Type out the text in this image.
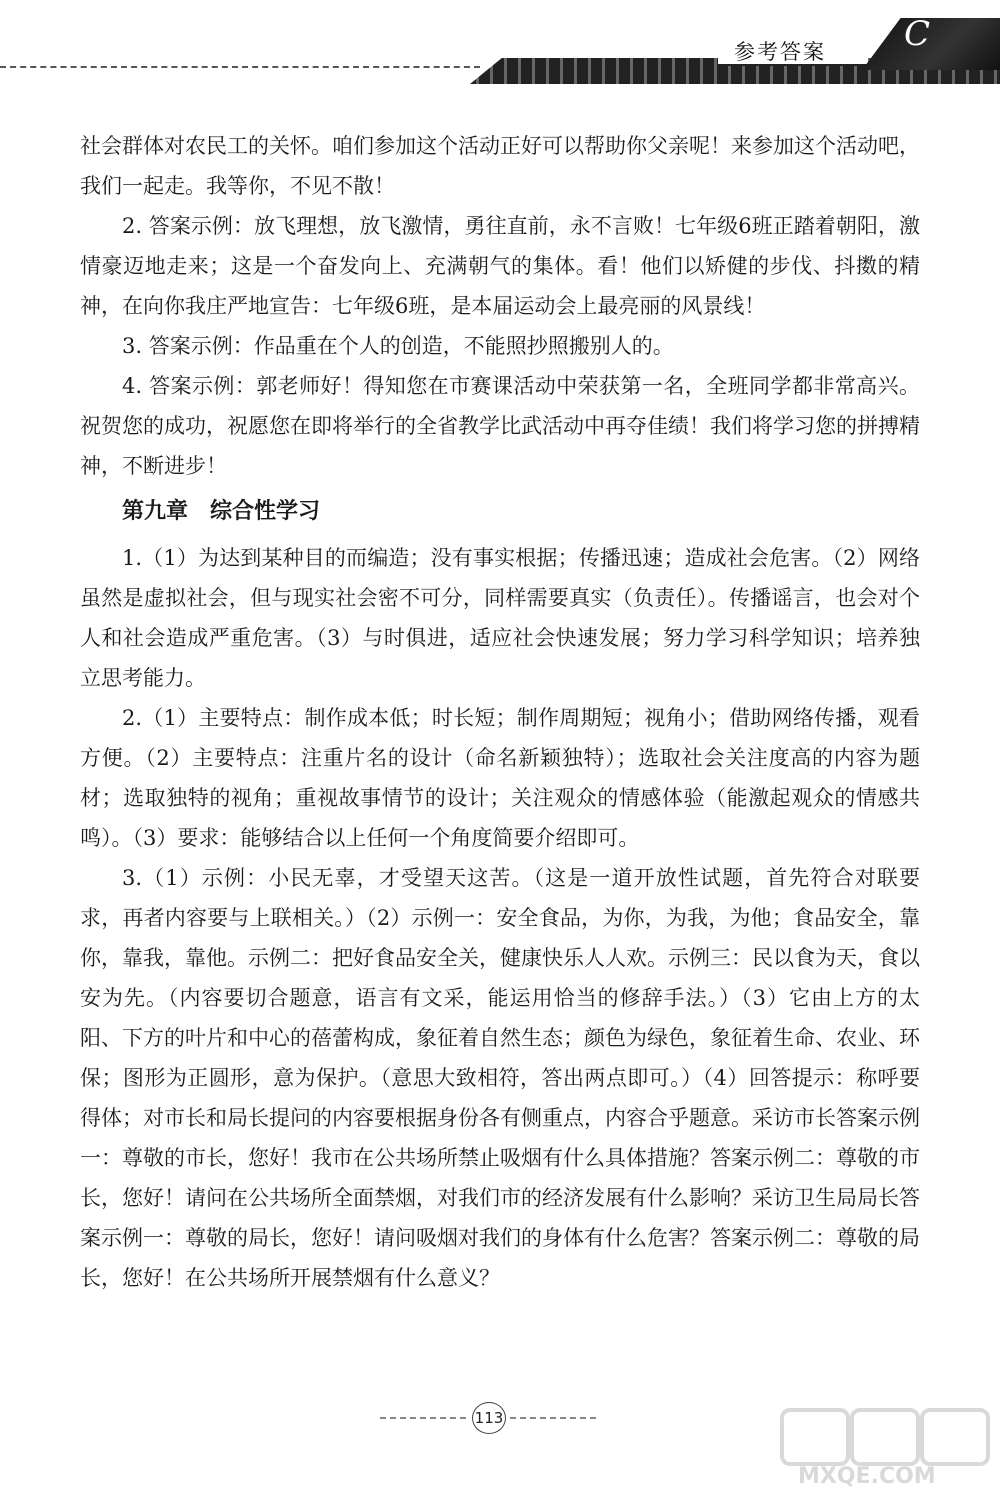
参考答案 C

社会群体对农民工的关怀。咱们参加这个活动正好可以帮助你父亲呢！来参加这个活动吧，我们一起走。我等你，不见不散！

2. 答案示例：放飞理想，放飞激情，勇往直前，永不言败！七年级6班正踏着朝阳，激情豪迈地走来；这是一个奋发向上、充满朝气的集体。看！他们以矫健的步伐、抖擞的精神，在向你我庄严地宣告：七年级6班，是本届运动会上最亮丽的风景线！

3. 答案示例：作品重在个人的创造，不能照抄照搬别人的。

4. 答案示例：郭老师好！得知您在市赛课活动中荣获第一名，全班同学都非常高兴。祝贺您的成功，祝愿您在即将举行的全省教学比武活动中再夺佳绩！我们将学习您的拼搏精神，不断进步！

第九章　综合性学习

1.（1）为达到某种目的而编造；没有事实根据；传播迅速；造成社会危害。（2）网络虽然是虚拟社会，但与现实社会密不可分，同样需要真实（负责任）。传播谣言，也会对个人和社会造成严重危害。（3）与时俱进，适应社会快速发展；努力学习科学知识；培养独立思考能力。

2.（1）主要特点：制作成本低；时长短；制作周期短；视角小；借助网络传播，观看方便。（2）主要特点：注重片名的设计（命名新颖独特）；选取社会关注度高的内容为题材；选取独特的视角；重视故事情节的设计；关注观众的情感体验（能激起观众的情感共鸣）。（3）要求：能够结合以上任何一个角度简要介绍即可。

3.（1）示例：小民无辜，才受望天这苦。（这是一道开放性试题，首先符合对联要求，再者内容要与上联相关。）（2）示例一：安全食品，为你，为我，为他；食品安全，靠你，靠我，靠他。示例二：把好食品安全关，健康快乐人人欢。示例三：民以食为天，食以安为先。（内容要切合题意，语言有文采，能运用恰当的修辞手法。）（3）它由上方的太阳、下方的叶片和中心的蓓蕾构成，象征着自然生态；颜色为绿色，象征着生命、农业、环保；图形为正圆形，意为保护。（意思大致相符，答出两点即可。）（4）回答提示：称呼要得体；对市长和局长提问的内容要根据身份各有侧重点，内容合乎题意。采访市长答案示例一：尊敬的市长，您好！我市在公共场所禁止吸烟有什么具体措施？答案示例二：尊敬的市长，您好！请问在公共场所全面禁烟，对我们市的经济发展有什么影响？采访卫生局局长答案示例一：尊敬的局长，您好！请问吸烟对我们的身体有什么危害？答案示例二：尊敬的局长，您好！在公共场所开展禁烟有什么意义？

113
MXQE.COM
